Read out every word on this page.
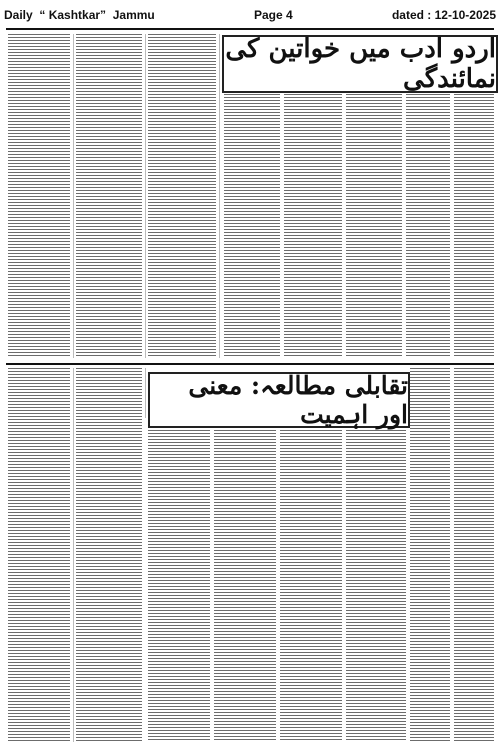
Daily “ Kashtkar” Jammu	Page 4	dated : 12-10-2025
اردو ادب میں خواتین کی نمائندگی
تقابلی مطالعہ: معنی اور اہمیت
